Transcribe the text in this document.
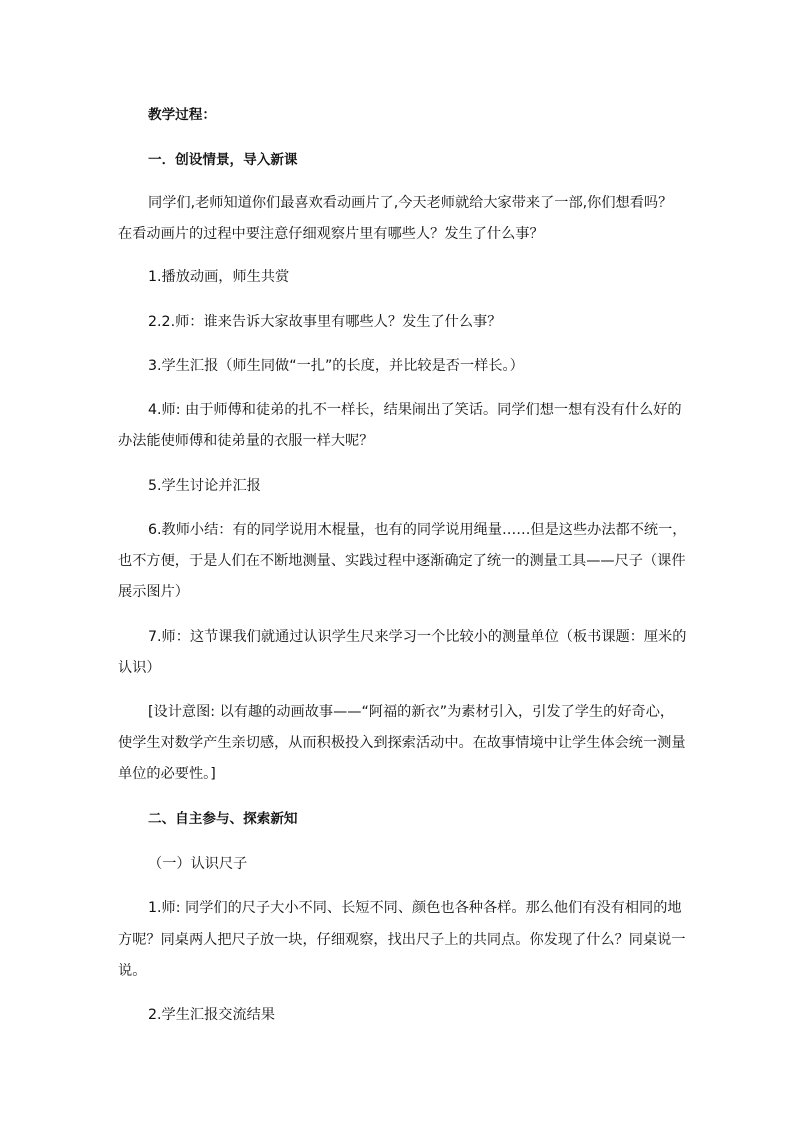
教学过程：

一．创设情景，导入新课

同学们,老师知道你们最喜欢看动画片了,今天老师就给大家带来了一部,你们想看吗？

在看动画片的过程中要注意仔细观察片里有哪些人？发生了什么事？

1.播放动画，师生共赏

2.2.师：谁来告诉大家故事里有哪些人？发生了什么事？

3.学生汇报（师生同做“一扎”的长度，并比较是否一样长。）

4.师: 由于师傅和徒弟的扎不一样长，结果闹出了笑话。同学们想一想有没有什么好的

办法能使师傅和徒弟量的衣服一样大呢？

5.学生讨论并汇报

6.教师小结：有的同学说用木棍量，也有的同学说用绳量……但是这些办法都不统一，

也不方便，于是人们在不断地测量、实践过程中逐渐确定了统一的测量工具——尺子（课件

展示图片）

7.师：这节课我们就通过认识学生尺来学习一个比较小的测量单位（板书课题：厘米的

认识）

[设计意图: 以有趣的动画故事——“阿福的新衣”为素材引入，引发了学生的好奇心，

使学生对数学产生亲切感，从而积极投入到探索活动中。在故事情境中让学生体会统一测量

单位的必要性。]

二、自主参与、探索新知

（一）认识尺子

1.师: 同学们的尺子大小不同、长短不同、颜色也各种各样。那么他们有没有相同的地

方呢？同桌两人把尺子放一块，仔细观察，找出尺子上的共同点。你发现了什么？同桌说一

说。

2.学生汇报交流结果
